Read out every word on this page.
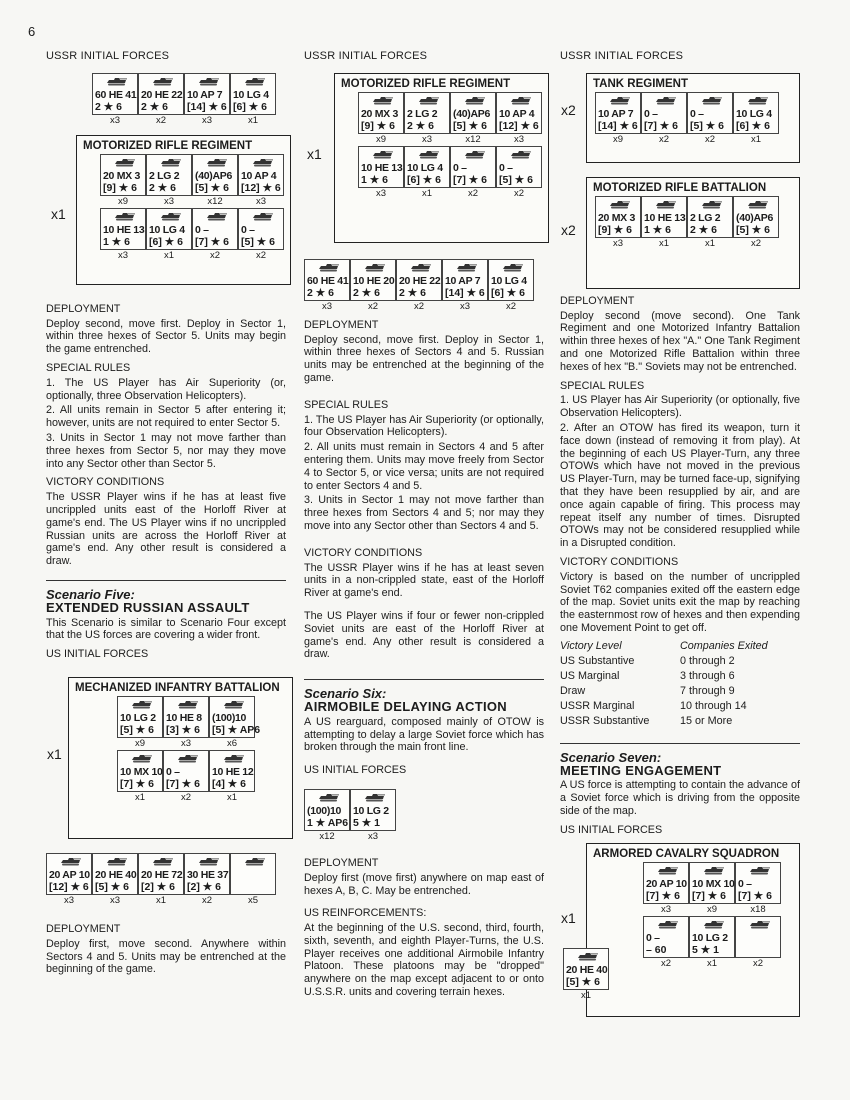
6
USSR INITIAL FORCES
60 HE 41
2 ★ 6
x3
20 HE 22
2 ★ 6
x2
10 AP 7
[14] ★ 6
x3
10 LG 4
[6] ★ 6
x1
MOTORIZED RIFLE REGIMENT
20 MX 3
[9] ★ 6
x9
2 LG 2
2 ★ 6
x3
(40)AP6
[5] ★ 6
x12
10 AP 4
[12] ★ 6
x3
10 HE 13
1 ★ 6
x3
10 LG 4
[6] ★ 6
x1
0 –
[7] ★ 6
x2
0 –
[5] ★ 6
x2
x1
DEPLOYMENT
Deploy second, move first. Deploy in Sector 1, within three hexes of Sector 5. Units may begin the game entrenched.
SPECIAL RULES
1. The US Player has Air Superiority (or, optionally, three Observation Helicopters).
2. All units remain in Sector 5 after entering it; however, units are not required to enter Sector 5.
3. Units in Sector 1 may not move farther than three hexes from Sector 5, nor may they move into any Sector other than Sector 5.
VICTORY CONDITIONS
The USSR Player wins if he has at least five uncrippled units east of the Horloff River at game's end. The US Player wins if no uncrippled Russian units are across the Horloff River at game's end. Any other result is considered a draw.
Scenario Five:
EXTENDED RUSSIAN ASSAULT
This Scenario is similar to Scenario Four except that the US forces are covering a wider front.
US INITIAL FORCES
MECHANIZED INFANTRY BATTALION
10 LG 2
[5] ★ 6
x9
10 HE 8
[3] ★ 6
x3
(100)10
[5] ★ AP6
x6
10 MX 10
[7] ★ 6
x1
0 –
[7] ★ 6
x2
10 HE 12
[4] ★ 6
x1
x1
20 AP 10
[12] ★ 6
x3
20 HE 40
[5] ★ 6
x3
20 HE 72
[2] ★ 6
x1
30 HE 37
[2] ★ 6
x2	x5
DEPLOYMENT
Deploy first, move second. Anywhere within Sectors 4 and 5. Units may be entrenched at the beginning of the game.
USSR INITIAL FORCES
MOTORIZED RIFLE REGIMENT
20 MX 3
[9] ★ 6
x9
2 LG 2
2 ★ 6
x3
(40)AP6
[5] ★ 6
x12
10 AP 4
[12] ★ 6
x3
10 HE 13
1 ★ 6
x3
10 LG 4
[6] ★ 6
x1
0 –
[7] ★ 6
x2
0 –
[5] ★ 6
x2
x1
60 HE 41
2 ★ 6
x3
10 HE 20
2 ★ 6
x2
20 HE 22
2 ★ 6
x2
10 AP 7
[14] ★ 6
x3
10 LG 4
[6] ★ 6
x2
DEPLOYMENT
Deploy second, move first. Deploy in Sector 1, within three hexes of Sectors 4 and 5. Russian units may be entrenched at the beginning of the game.
SPECIAL RULES
1. The US Player has Air Superiority (or optionally, four Observation Helicopters).
2. All units must remain in Sectors 4 and 5 after entering them. Units may move freely from Sector 4 to Sector 5, or vice versa; units are not required to enter Sectors 4 and 5.
3. Units in Sector 1 may not move farther than three hexes from Sectors 4 and 5; nor may they move into any Sector other than Sectors 4 and 5.
VICTORY CONDITIONS
The USSR Player wins if he has at least seven units in a non-crippled state, east of the Horloff River at game's end.
The US Player wins if four or fewer non-crippled Soviet units are east of the Horloff River at game's end. Any other result is considered a draw.
Scenario Six:
AIRMOBILE DELAYING ACTION
A US rearguard, composed mainly of OTOW is attempting to delay a large Soviet force which has broken through the main front line.
US INITIAL FORCES
(100)10
1 ★ AP6
x12
10 LG 2
5 ★ 1
x3
DEPLOYMENT
Deploy first (move first) anywhere on map east of hexes A, B, C. May be entrenched.
US REINFORCEMENTS:
At the beginning of the U.S. second, third, fourth, sixth, seventh, and eighth Player-Turns, the U.S. Player receives one additional Airmobile Infantry Platoon. These platoons may be "dropped" anywhere on the map except adjacent to or onto U.S.S.R. units and covering terrain hexes.
USSR INITIAL FORCES
TANK REGIMENT
10 AP 7
[14] ★ 6
x9
0 –
[7] ★ 6
x2
0 –
[5] ★ 6
x2
10 LG 4
[6] ★ 6
x1
x2
MOTORIZED RIFLE BATTALION
20 MX 3
[9] ★ 6
x3
10 HE 13
1 ★ 6
x1
2 LG 2
2 ★ 6
x1
(40)AP6
[5] ★ 6
x2
x2
DEPLOYMENT
Deploy second (move second). One Tank Regiment and one Motorized Infantry Battalion within three hexes of hex "A." One Tank Regiment and one Motorized Rifle Battalion within three hexes of hex "B." Soviets may not be entrenched.
SPECIAL RULES
1. US Player has Air Superiority (or optionally, five Observation Helicopters).
2. After an OTOW has fired its weapon, turn it face down (instead of removing it from play). At the beginning of each US Player-Turn, any three OTOWs which have not moved in the previous US Player-Turn, may be turned face-up, signifying that they have been resupplied by air, and are once again capable of firing. This process may repeat itself any number of times. Disrupted OTOWs may not be considered resupplied while in a Disrupted condition.
VICTORY CONDITIONS
Victory is based on the number of uncrippled Soviet T62 companies exited off the eastern edge of the map. Soviet units exit the map by reaching the easternmost row of hexes and then expending one Movement Point to get off.
Victory Level	Companies Exited
US Substantive	0 through 2
US Marginal	3 through 6
Draw	7 through 9
USSR Marginal	10 through 14
USSR Substantive	15 or More
Scenario Seven:
MEETING ENGAGEMENT
A US force is attempting to contain the advance of a Soviet force which is driving from the opposite side of the map.
US INITIAL FORCES
ARMORED CAVALRY SQUADRON
20 AP 10
[7] ★ 6
x3
10 MX 10
[7] ★ 6
x9
0 –
[7] ★ 6
x18
0 –
– 60
x2
10 LG 2
5 ★ 1
x1	x2
x1
20 HE 40
[5] ★ 6
x1
